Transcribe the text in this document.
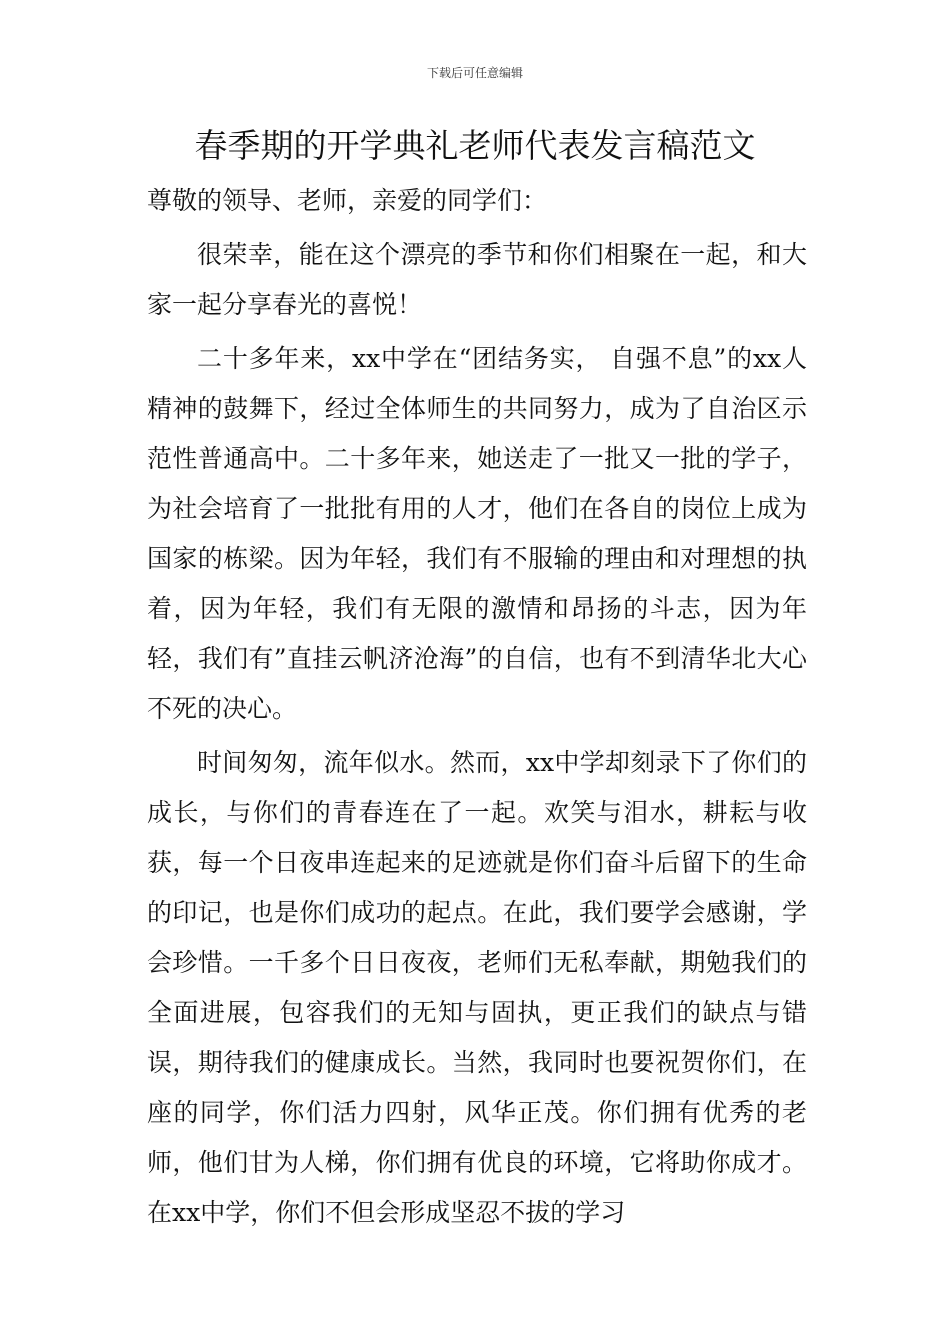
下载后可任意编辑
春季期的开学典礼老师代表发言稿范文

尊敬的领导、老师，亲爱的同学们：

很荣幸，能在这个漂亮的季节和你们相聚在一起，和大家一起分享春光的喜悦！

二十多年来，xx中学在“团结务实， 自强不息”的xx人精神的鼓舞下，经过全体师生的共同努力，成为了自治区示范性普通高中。二十多年来，她送走了一批又一批的学子，为社会培育了一批批有用的人才，他们在各自的岗位上成为国家的栋梁。因为年轻，我们有不服输的理由和对理想的执着，因为年轻，我们有无限的激情和昂扬的斗志，因为年轻，我们有”直挂云帆济沧海”的自信，也有不到清华北大心不死的决心。

时间匆匆，流年似水。然而，xx中学却刻录下了你们的成长，与你们的青春连在了一起。欢笑与泪水，耕耘与收获，每一个日夜串连起来的足迹就是你们奋斗后留下的生命的印记，也是你们成功的起点。在此，我们要学会感谢，学会珍惜。一千多个日日夜夜，老师们无私奉献，期勉我们的全面进展，包容我们的无知与固执，更正我们的缺点与错误，期待我们的健康成长。当然，我同时也要祝贺你们，在座的同学，你们活力四射，风华正茂。你们拥有优秀的老师，他们甘为人梯，你们拥有优良的环境，它将助你成才。在xx中学，你们不但会形成坚忍不拔的学习
